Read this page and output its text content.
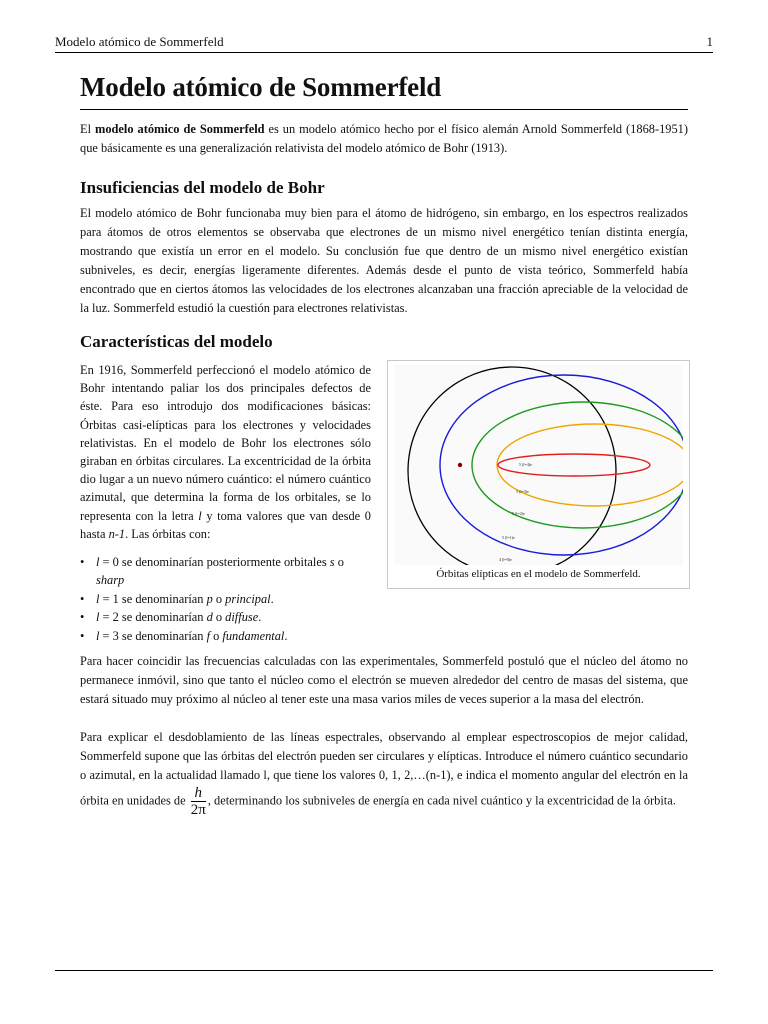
Modelo atómico de Sommerfeld	1
Modelo atómico de Sommerfeld

El modelo atómico de Sommerfeld es un modelo atómico hecho por el físico alemán Arnold Sommerfeld (1868-1951) que básicamente es una generalización relativista del modelo atómico de Bohr (1913).

Insuficiencias del modelo de Bohr

El modelo atómico de Bohr funcionaba muy bien para el átomo de hidrógeno, sin embargo, en los espectros realizados para átomos de otros elementos se observaba que electrones de un mismo nivel energético tenían distinta energía, mostrando que existía un error en el modelo. Su conclusión fue que dentro de un mismo nivel energético existían subniveles, es decir, energías ligeramente diferentes. Además desde el punto de vista teórico, Sommerfeld había encontrado que en ciertos átomos las velocidades de los electrones alcanzaban una fracción apreciable de la velocidad de la luz. Sommerfeld estudió la cuestión para electrones relativistas.

Características del modelo

En 1916, Sommerfeld perfeccionó el modelo atómico de Bohr intentando paliar los dos principales defectos de éste. Para eso introdujo dos modificaciones básicas: Órbitas casi-elípticas para los electrones y velocidades relativistas. En el modelo de Bohr los electrones sólo giraban en órbitas circulares. La excentricidad de la órbita dio lugar a un nuevo número cuántico: el número cuántico azimutal, que determina la forma de los orbitales, se lo representa con la letra l y toma valores que van desde 0 hasta n-1. Las órbitas con:

• l = 0 se denominarían posteriormente orbitales s o
sharp
• l = 1 se denominarían p o principal.
• l = 2 se denominarían d o diffuse.
• l = 3 se denominarían f o fundamental.
5 (l=4)e
5 (l=3)e
5 (l=2)e
5 (l=1)e
4 (l=0)e
Órbitas elípticas en el modelo de Sommerfeld.

Para hacer coincidir las frecuencias calculadas con las experimentales, Sommerfeld postuló que el núcleo del átomo no permanece inmóvil, sino que tanto el núcleo como el electrón se mueven alrededor del centro de masas del sistema, que estará situado muy próximo al núcleo al tener este una masa varios miles de veces superior a la masa del electrón.

Para explicar el desdoblamiento de las líneas espectrales, observando al emplear espectroscopios de mejor calidad, Sommerfeld supone que las órbitas del electrón pueden ser circulares y elípticas. Introduce el número cuántico secundario o azimutal, en la actualidad llamado l, que tiene los valores 0, 1, 2,…(n-1), e indica el momento angular del electrón en la órbita en unidades de $\frac{h}{2\pi}$ , determinando los subniveles de energía en cada nivel cuántico y la excentricidad de la órbita.
